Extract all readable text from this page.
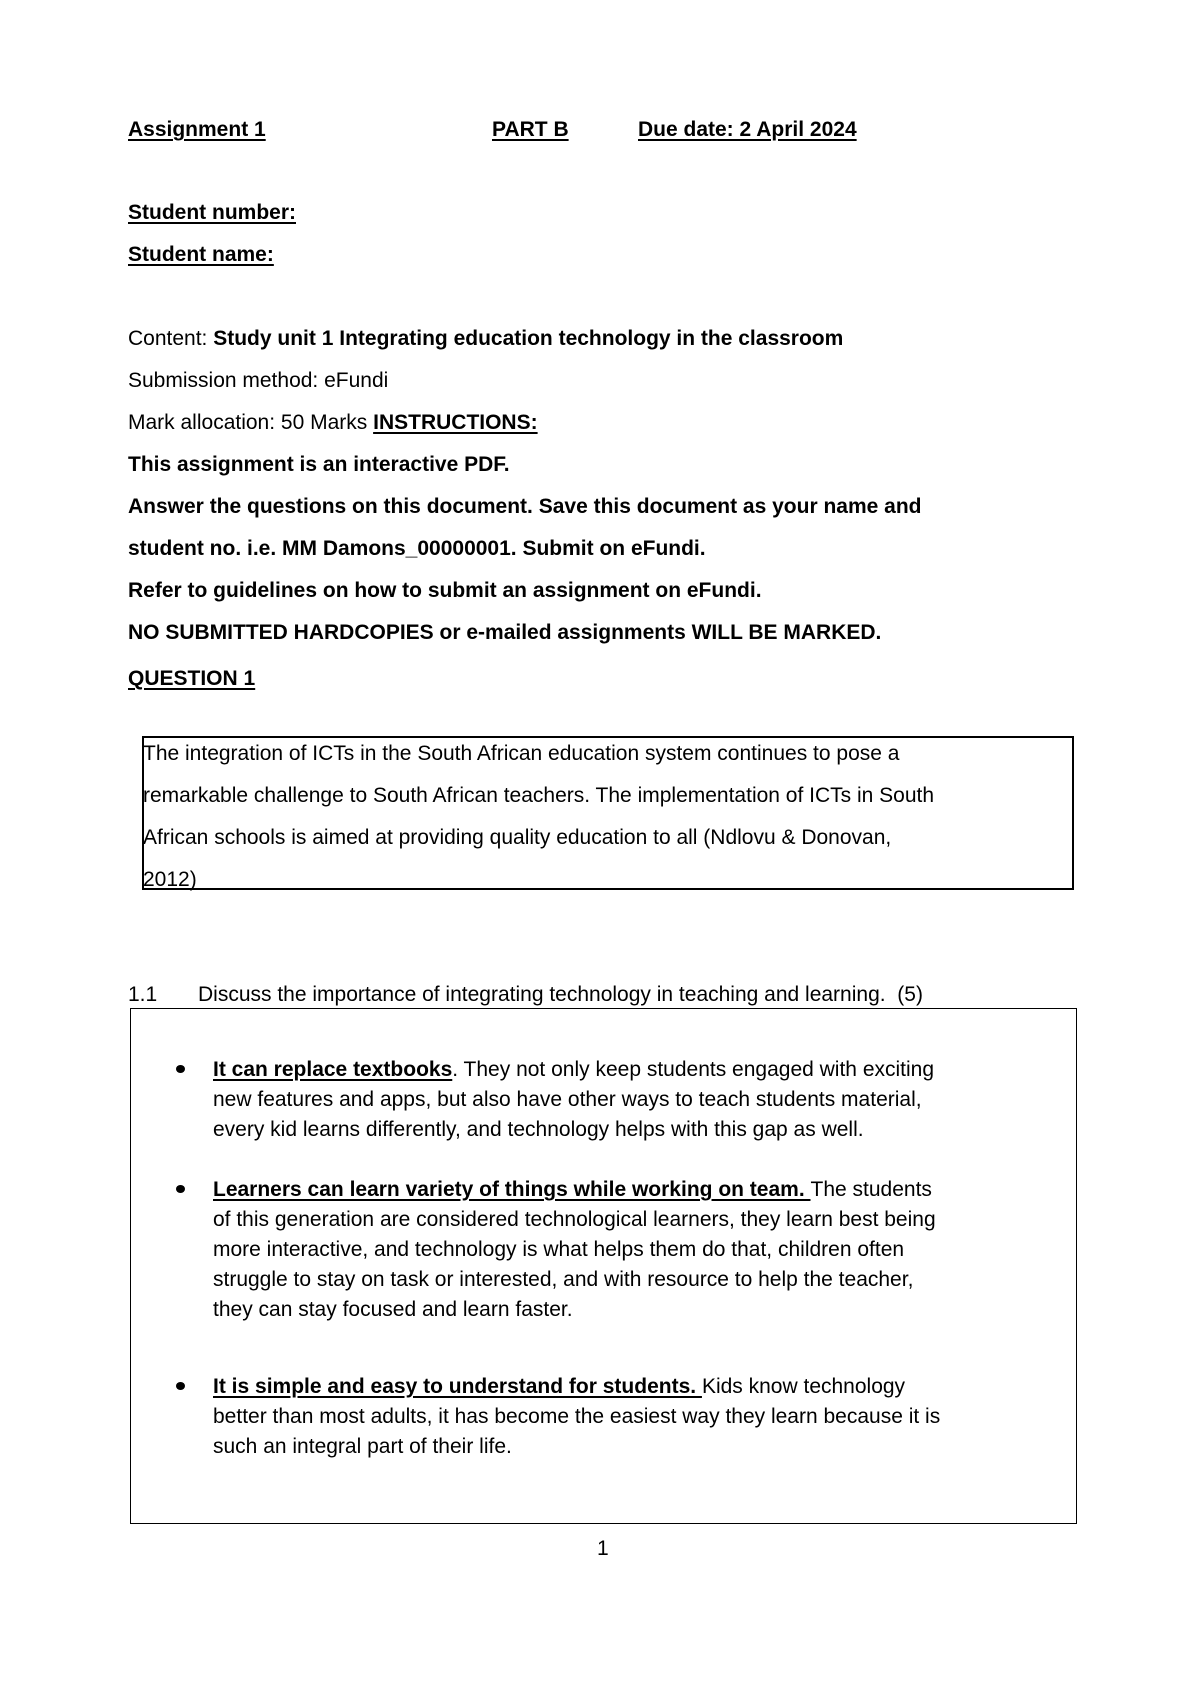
Assignment 1	PART B	Due date: 2 April 2024
Student number:
Student name:
Content: Study unit 1 Integrating education technology in the classroom
Submission method: eFundi
Mark allocation: 50 Marks INSTRUCTIONS:
This assignment is an interactive PDF.
Answer the questions on this document. Save this document as your name and
student no. i.e. MM Damons_00000001. Submit on eFundi.
Refer to guidelines on how to submit an assignment on eFundi.
NO SUBMITTED HARDCOPIES or e-mailed assignments WILL BE MARKED.
QUESTION 1
The integration of ICTs in the South African education system continues to pose a
remarkable challenge to South African teachers. The implementation of ICTs in South
African schools is aimed at providing quality education to all (Ndlovu & Donovan,
2012)
1.1 Discuss the importance of integrating technology in teaching and learning. (5)

It can replace textbooks. They not only keep students engaged with exciting

new features and apps, but also have other ways to teach students material,

every kid learns differently, and technology helps with this gap as well.

Learners can learn variety of things while working on team. The students

of this generation are considered technological learners, they learn best being

more interactive, and technology is what helps them do that, children often

struggle to stay on task or interested, and with resource to help the teacher,

they can stay focused and learn faster.

It is simple and easy to understand for students. Kids know technology

better than most adults, it has become the easiest way they learn because it is

such an integral part of their life.

1
